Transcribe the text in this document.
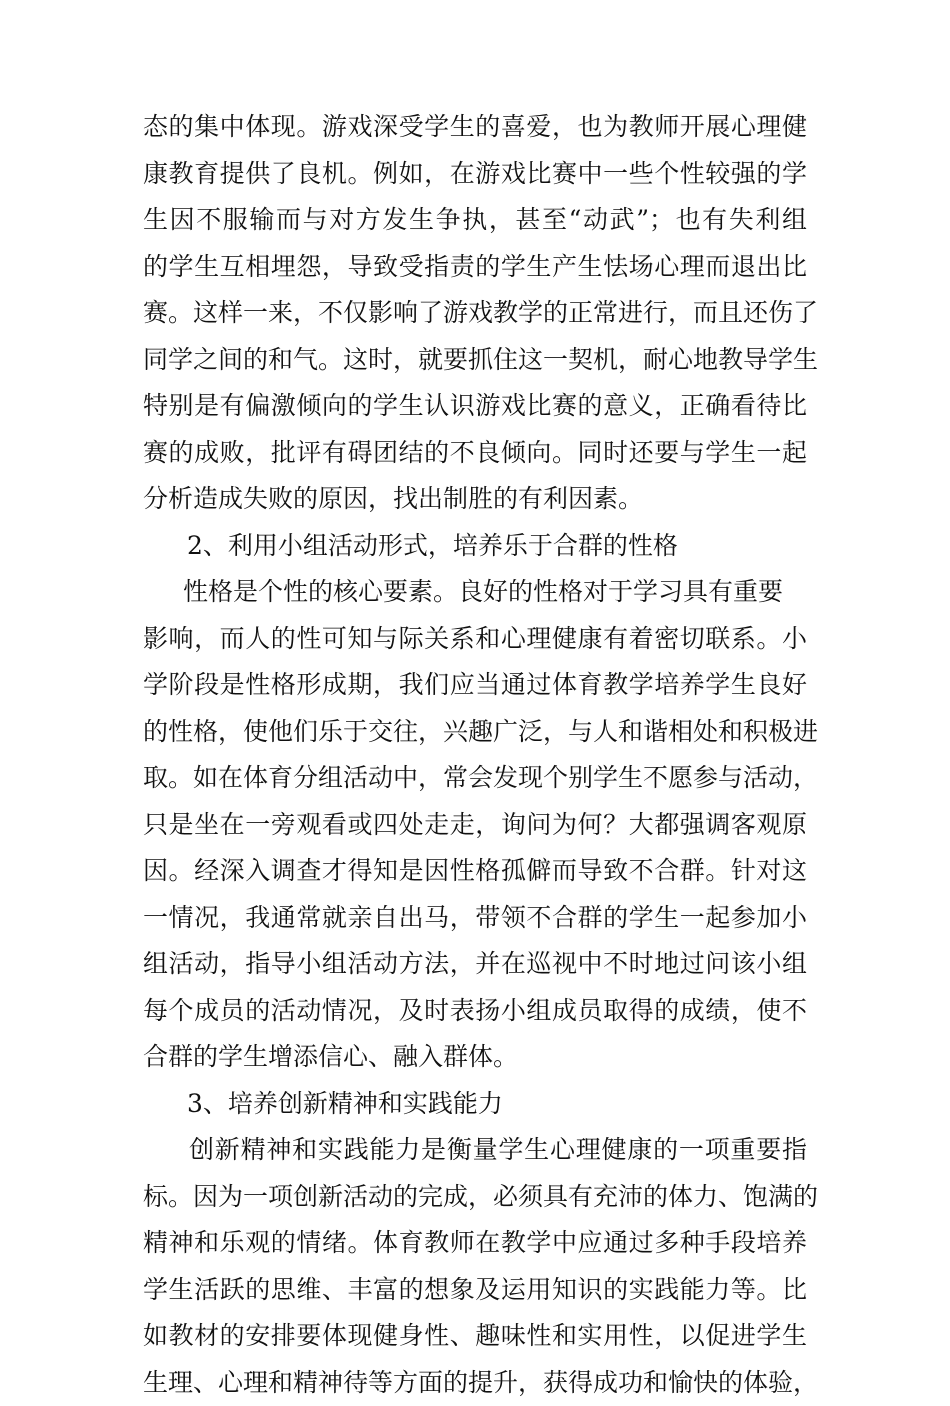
态的集中体现。游戏深受学生的喜爱，也为教师开展心理健
康教育提供了良机。例如，在游戏比赛中一些个性较强的学
生因不服输而与对方发生争执，甚至“动武”；也有失利组
的学生互相埋怨，导致受指责的学生产生怯场心理而退出比
赛。这样一来，不仅影响了游戏教学的正常进行，而且还伤了
同学之间的和气。这时，就要抓住这一契机，耐心地教导学生
特别是有偏激倾向的学生认识游戏比赛的意义，正确看待比
赛的成败，批评有碍团结的不良倾向。同时还要与学生一起
分析造成失败的原因，找出制胜的有利因素。
2、利用小组活动形式，培养乐于合群的性格
性格是个性的核心要素。良好的性格对于学习具有重要
影响，而人的性可知与际关系和心理健康有着密切联系。小
学阶段是性格形成期，我们应当通过体育教学培养学生良好
的性格，使他们乐于交往，兴趣广泛，与人和谐相处和积极进
取。如在体育分组活动中，常会发现个别学生不愿参与活动，
只是坐在一旁观看或四处走走，询问为何？大都强调客观原
因。经深入调查才得知是因性格孤僻而导致不合群。针对这
一情况，我通常就亲自出马，带领不合群的学生一起参加小
组活动，指导小组活动方法，并在巡视中不时地过问该小组
每个成员的活动情况，及时表扬小组成员取得的成绩，使不
合群的学生增添信心、融入群体。
3、培养创新精神和实践能力
创新精神和实践能力是衡量学生心理健康的一项重要指
标。因为一项创新活动的完成，必须具有充沛的体力、饱满的
精神和乐观的情绪。体育教师在教学中应通过多种手段培养
学生活跃的思维、丰富的想象及运用知识的实践能力等。比
如教材的安排要体现健身性、趣味性和实用性，以促进学生
生理、心理和精神待等方面的提升，获得成功和愉快的体验，
